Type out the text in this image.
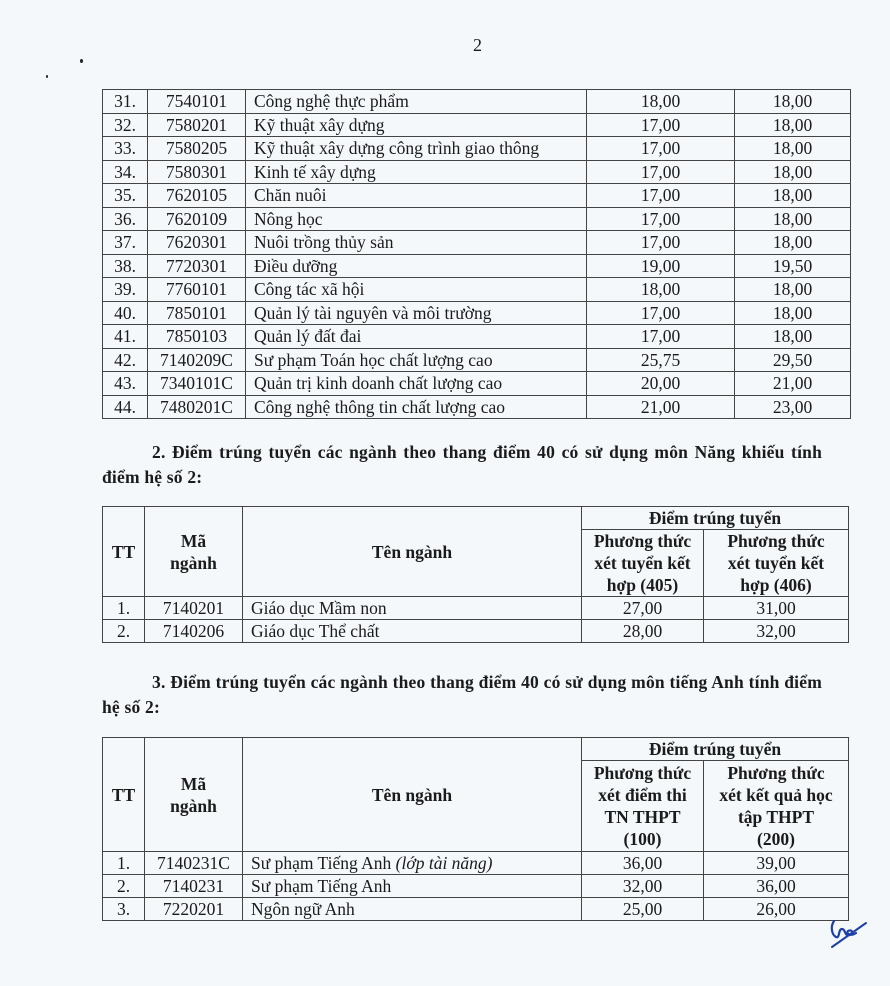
2
31.	7540101	Công nghệ thực phẩm	18,00	18,00
32.	7580201	Kỹ thuật xây dựng	17,00	18,00
33.	7580205	Kỹ thuật xây dựng công trình giao thông	17,00	18,00
34.	7580301	Kinh tế xây dựng	17,00	18,00
35.	7620105	Chăn nuôi	17,00	18,00
36.	7620109	Nông học	17,00	18,00
37.	7620301	Nuôi trồng thủy sản	17,00	18,00
38.	7720301	Điều dưỡng	19,00	19,50
39.	7760101	Công tác xã hội	18,00	18,00
40.	7850101	Quản lý tài nguyên và môi trường	17,00	18,00
41.	7850103	Quản lý đất đai	17,00	18,00
42.	7140209C	Sư phạm Toán học chất lượng cao	25,75	29,50
43.	7340101C	Quản trị kinh doanh chất lượng cao	20,00	21,00
44.	7480201C	Công nghệ thông tin chất lượng cao	21,00	23,00
2. Điểm trúng tuyển các ngành theo thang điểm 40 có sử dụng môn Năng khiếu tính điểm hệ số 2:
TT	Mã ngành	Tên ngành	Điểm trúng tuyển	
			Phương thức xét tuyển kết hợp (405)	Phương thức xét tuyển kết hợp (406)
1.	7140201	Giáo dục Mầm non	27,00	31,00
2.	7140206	Giáo dục Thể chất	28,00	32,00
3. Điểm trúng tuyển các ngành theo thang điểm 40 có sử dụng môn tiếng Anh tính điểm hệ số 2:
TT	Mã ngành	Tên ngành	Điểm trúng tuyển	
			Phương thức xét điểm thi TN THPT (100)	Phương thức xét kết quả học tập THPT (200)
1.	7140231C	Sư phạm Tiếng Anh (lớp tài năng)	36,00	39,00
2.	7140231	Sư phạm Tiếng Anh	32,00	36,00
3.	7220201	Ngôn ngữ Anh	25,00	26,00
